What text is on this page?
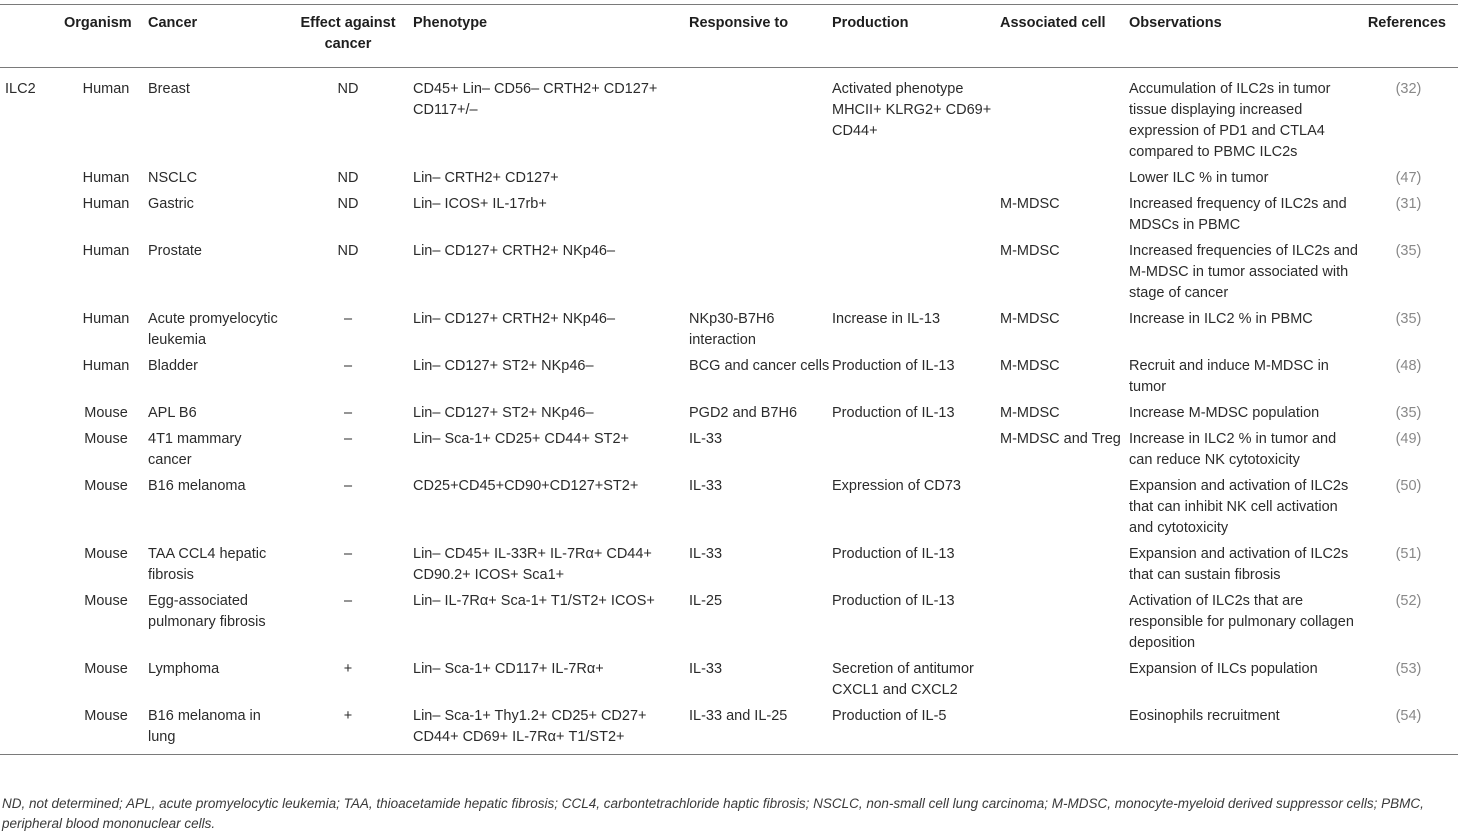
	Organism	Cancer	Effect against cancer	Phenotype	Responsive to	Production	Associated cell	Observations	References
ILC2	Human	Breast	ND	CD45+ Lin– CD56– CRTH2+ CD127+ CD117+/–		Activated phenotype MHCII+ KLRG2+ CD69+ CD44+		Accumulation of ILC2s in tumor tissue displaying increased expression of PD1 and CTLA4 compared to PBMC ILC2s	(32)
	Human	NSCLC	ND	Lin– CRTH2+ CD127+				Lower ILC % in tumor	(47)
	Human	Gastric	ND	Lin– ICOS+ IL-17rb+			M-MDSC	Increased frequency of ILC2s and MDSCs in PBMC	(31)
	Human	Prostate	ND	Lin– CD127+ CRTH2+ NKp46–			M-MDSC	Increased frequencies of ILC2s and M-MDSC in tumor associated with stage of cancer	(35)
	Human	Acute promyelocytic leukemia	–	Lin– CD127+ CRTH2+ NKp46–	NKp30-B7H6 interaction	Increase in IL-13	M-MDSC	Increase in ILC2 % in PBMC	(35)
	Human	Bladder	–	Lin– CD127+ ST2+ NKp46–	BCG and cancer cells	Production of IL-13	M-MDSC	Recruit and induce M-MDSC in tumor	(48)
	Mouse	APL B6	–	Lin– CD127+ ST2+ NKp46–	PGD2 and B7H6	Production of IL-13	M-MDSC	Increase M-MDSC population	(35)
	Mouse	4T1 mammary cancer	–	Lin– Sca-1+ CD25+ CD44+ ST2+	IL-33		M-MDSC and Treg	Increase in ILC2 % in tumor and can reduce NK cytotoxicity	(49)
	Mouse	B16 melanoma	–	CD25+CD45+CD90+CD127+ST2+	IL-33	Expression of CD73		Expansion and activation of ILC2s that can inhibit NK cell activation and cytotoxicity	(50)
	Mouse	TAA CCL4 hepatic fibrosis	–	Lin– CD45+ IL-33R+ IL-7Rα+ CD44+ CD90.2+ ICOS+ Sca1+	IL-33	Production of IL-13		Expansion and activation of ILC2s that can sustain fibrosis	(51)
	Mouse	Egg-associated pulmonary fibrosis	–	Lin– IL-7Rα+ Sca-1+ T1/ST2+ ICOS+	IL-25	Production of IL-13		Activation of ILC2s that are responsible for pulmonary collagen deposition	(52)
	Mouse	Lymphoma	+	Lin– Sca-1+ CD117+ IL-7Rα+	IL-33	Secretion of antitumor CXCL1 and CXCL2		Expansion of ILCs population	(53)
	Mouse	B16 melanoma in lung	+	Lin– Sca-1+ Thy1.2+ CD25+ CD27+ CD44+ CD69+ IL-7Rα+ T1/ST2+	IL-33 and IL-25	Production of IL-5		Eosinophils recruitment	(54)
ND, not determined; APL, acute promyelocytic leukemia; TAA, thioacetamide hepatic fibrosis; CCL4, carbontetrachloride haptic fibrosis; NSCLC, non-small cell lung carcinoma; M-MDSC, monocyte-myeloid derived suppressor cells; PBMC, peripheral blood mononuclear cells.
